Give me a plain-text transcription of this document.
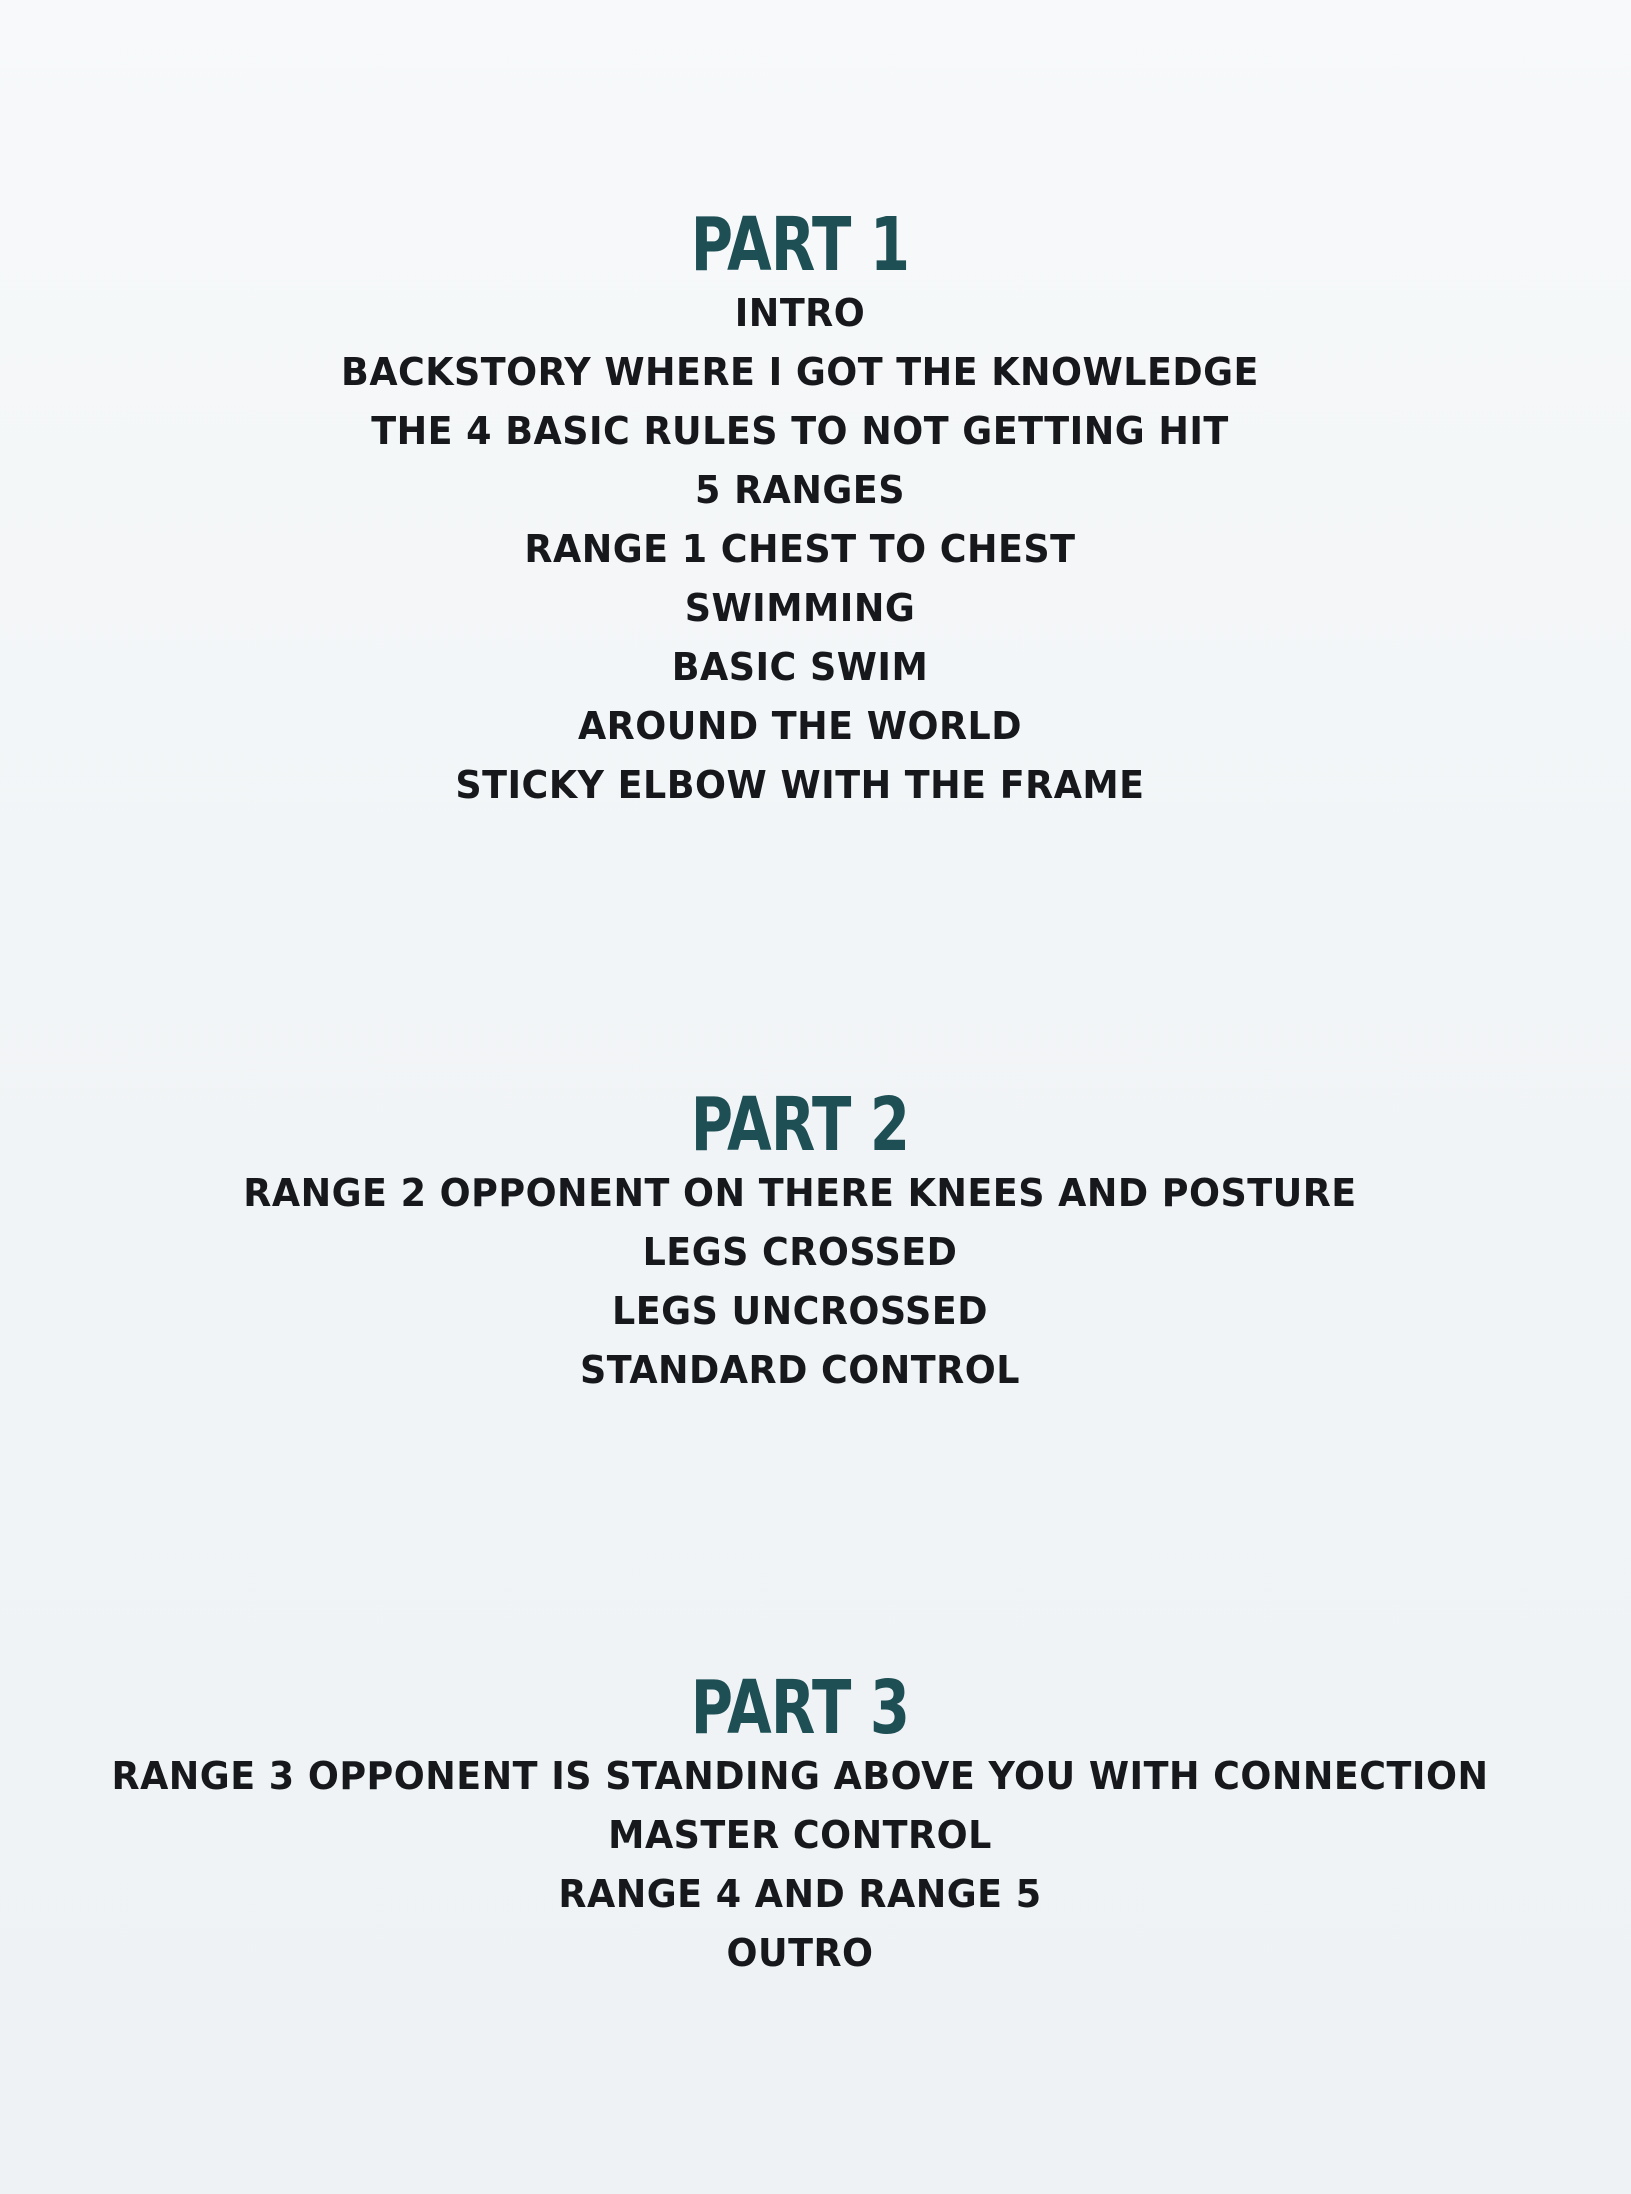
PART 1
INTRO
BACKSTORY WHERE I GOT THE KNOWLEDGE
THE 4 BASIC RULES TO NOT GETTING HIT
5 RANGES
RANGE 1 CHEST TO CHEST
SWIMMING
BASIC SWIM
AROUND THE WORLD
STICKY ELBOW WITH THE FRAME
PART 2
RANGE 2 OPPONENT ON THERE KNEES AND POSTURE
LEGS CROSSED
LEGS UNCROSSED
STANDARD CONTROL
PART 3
RANGE 3 OPPONENT IS STANDING ABOVE YOU WITH CONNECTION
MASTER CONTROL
RANGE 4 AND RANGE 5
OUTRO
